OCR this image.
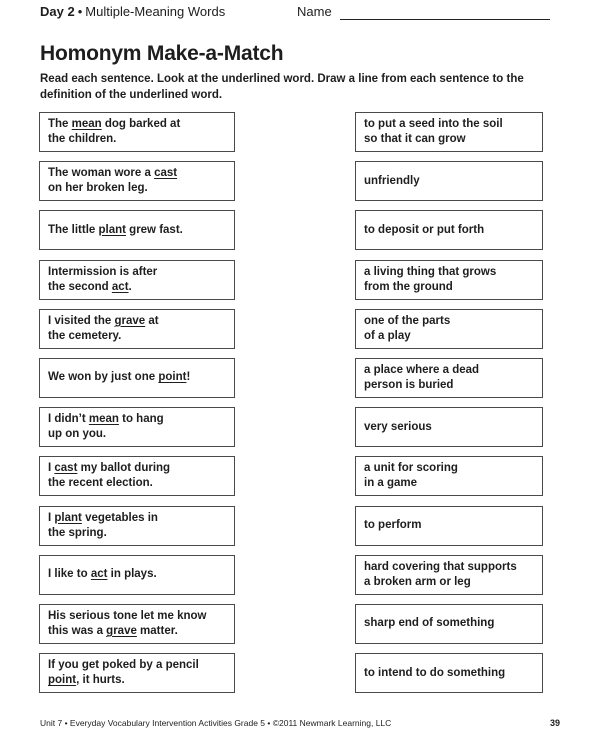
Day 2 • Multiple-Meaning Words	Name
Homonym Make-a-Match
Read each sentence. Look at the underlined word. Draw a line from each sentence to the definition of the underlined word.
The mean dog barked at
the children.
The woman wore a cast
on her broken leg.
The little plant grew fast.
Intermission is after
the second act.
I visited the grave at
the cemetery.
We won by just one point!
I didn’t mean to hang
up on you.
I cast my ballot during
the recent election.
I plant vegetables in
the spring.
I like to act in plays.
His serious tone let me know
this was a grave matter.
If you get poked by a pencil
point, it hurts.
to put a seed into the soil
so that it can grow
unfriendly
to deposit or put forth
a living thing that grows
from the ground
one of the parts
of a play
a place where a dead
person is buried
very serious
a unit for scoring
in a game
to perform
hard covering that supports
a broken arm or leg
sharp end of something
to intend to do something
Unit 7 • Everyday Vocabulary Intervention Activities Grade 5 • ©2011 Newmark Learning, LLC	39
